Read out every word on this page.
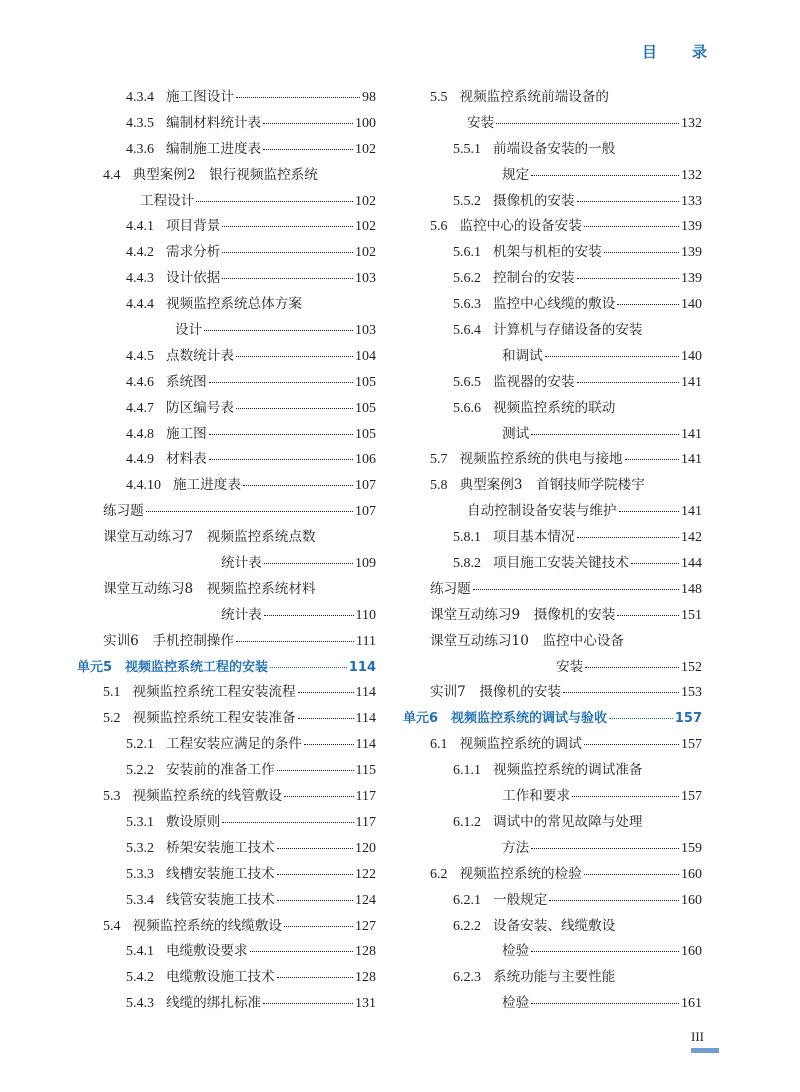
目 录
4.3.4 施工图设计	98
4.3.5 编制材料统计表	100
4.3.6 编制施工进度表	102
4.4 典型案例2　银行视频监控系统
工程设计	102
4.4.1 项目背景	102
4.4.2 需求分析	102
4.4.3 设计依据	103
4.4.4 视频监控系统总体方案
设计	103
4.4.5 点数统计表	104
4.4.6 系统图	105
4.4.7 防区编号表	105
4.4.8 施工图	105
4.4.9 材料表	106
4.4.10 施工进度表	107
练习题	107
课堂互动练习7　视频监控系统点数
统计表	109
课堂互动练习8　视频监控系统材料
统计表	110
实训6　手机控制操作	111
单元5　视频监控系统工程的安装	114
5.1 视频监控系统工程安装流程	114
5.2 视频监控系统工程安装准备	114
5.2.1 工程安装应满足的条件	114
5.2.2 安装前的准备工作	115
5.3 视频监控系统的线管敷设	117
5.3.1 敷设原则	117
5.3.2 桥架安装施工技术	120
5.3.3 线槽安装施工技术	122
5.3.4 线管安装施工技术	124
5.4 视频监控系统的线缆敷设	127
5.4.1 电缆敷设要求	128
5.4.2 电缆敷设施工技术	128
5.4.3 线缆的绑扎标准	131
5.5 视频监控系统前端设备的
安装	132
5.5.1 前端设备安装的一般
规定	132
5.5.2 摄像机的安装	133
5.6 监控中心的设备安装	139
5.6.1 机架与机柜的安装	139
5.6.2 控制台的安装	139
5.6.3 监控中心线缆的敷设	140
5.6.4 计算机与存储设备的安装
和调试	140
5.6.5 监视器的安装	141
5.6.6 视频监控系统的联动
测试	141
5.7 视频监控系统的供电与接地	141
5.8 典型案例3　首钢技师学院楼宇
自动控制设备安装与维护	141
5.8.1 项目基本情况	142
5.8.2 项目施工安装关键技术	144
练习题	148
课堂互动练习9　摄像机的安装	151
课堂互动练习10　监控中心设备
安装	152
实训7　摄像机的安装	153
单元6　视频监控系统的调试与验收	157
6.1 视频监控系统的调试	157
6.1.1 视频监控系统的调试准备
工作和要求	157
6.1.2 调试中的常见故障与处理
方法	159
6.2 视频监控系统的检验	160
6.2.1 一般规定	160
6.2.2 设备安装、线缆敷设
检验	160
6.2.3 系统功能与主要性能
检验	161
III
